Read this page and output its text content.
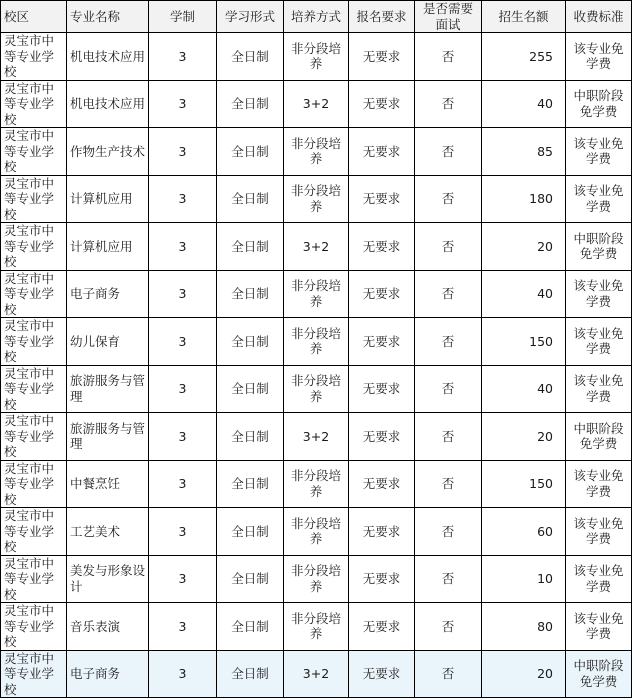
校区	专业名称	学制	学习形式	培养方式	报名要求	是否需要面试	招生名额	收费标准
灵宝市中等专业学校	机电技术应用	3	全日制	非分段培养	无要求	否	255	该专业免学费
灵宝市中等专业学校	机电技术应用	3	全日制	3+2	无要求	否	40	中职阶段免学费
灵宝市中等专业学校	作物生产技术	3	全日制	非分段培养	无要求	否	85	该专业免学费
灵宝市中等专业学校	计算机应用	3	全日制	非分段培养	无要求	否	180	该专业免学费
灵宝市中等专业学校	计算机应用	3	全日制	3+2	无要求	否	20	中职阶段免学费
灵宝市中等专业学校	电子商务	3	全日制	非分段培养	无要求	否	40	该专业免学费
灵宝市中等专业学校	幼儿保育	3	全日制	非分段培养	无要求	否	150	该专业免学费
灵宝市中等专业学校	旅游服务与管理	3	全日制	非分段培养	无要求	否	40	该专业免学费
灵宝市中等专业学校	旅游服务与管理	3	全日制	3+2	无要求	否	20	中职阶段免学费
灵宝市中等专业学校	中餐烹饪	3	全日制	非分段培养	无要求	否	150	该专业免学费
灵宝市中等专业学校	工艺美术	3	全日制	非分段培养	无要求	否	60	该专业免学费
灵宝市中等专业学校	美发与形象设计	3	全日制	非分段培养	无要求	否	10	该专业免学费
灵宝市中等专业学校	音乐表演	3	全日制	非分段培养	无要求	否	80	该专业免学费
灵宝市中等专业学校	电子商务	3	全日制	3+2	无要求	否	20	中职阶段免学费
